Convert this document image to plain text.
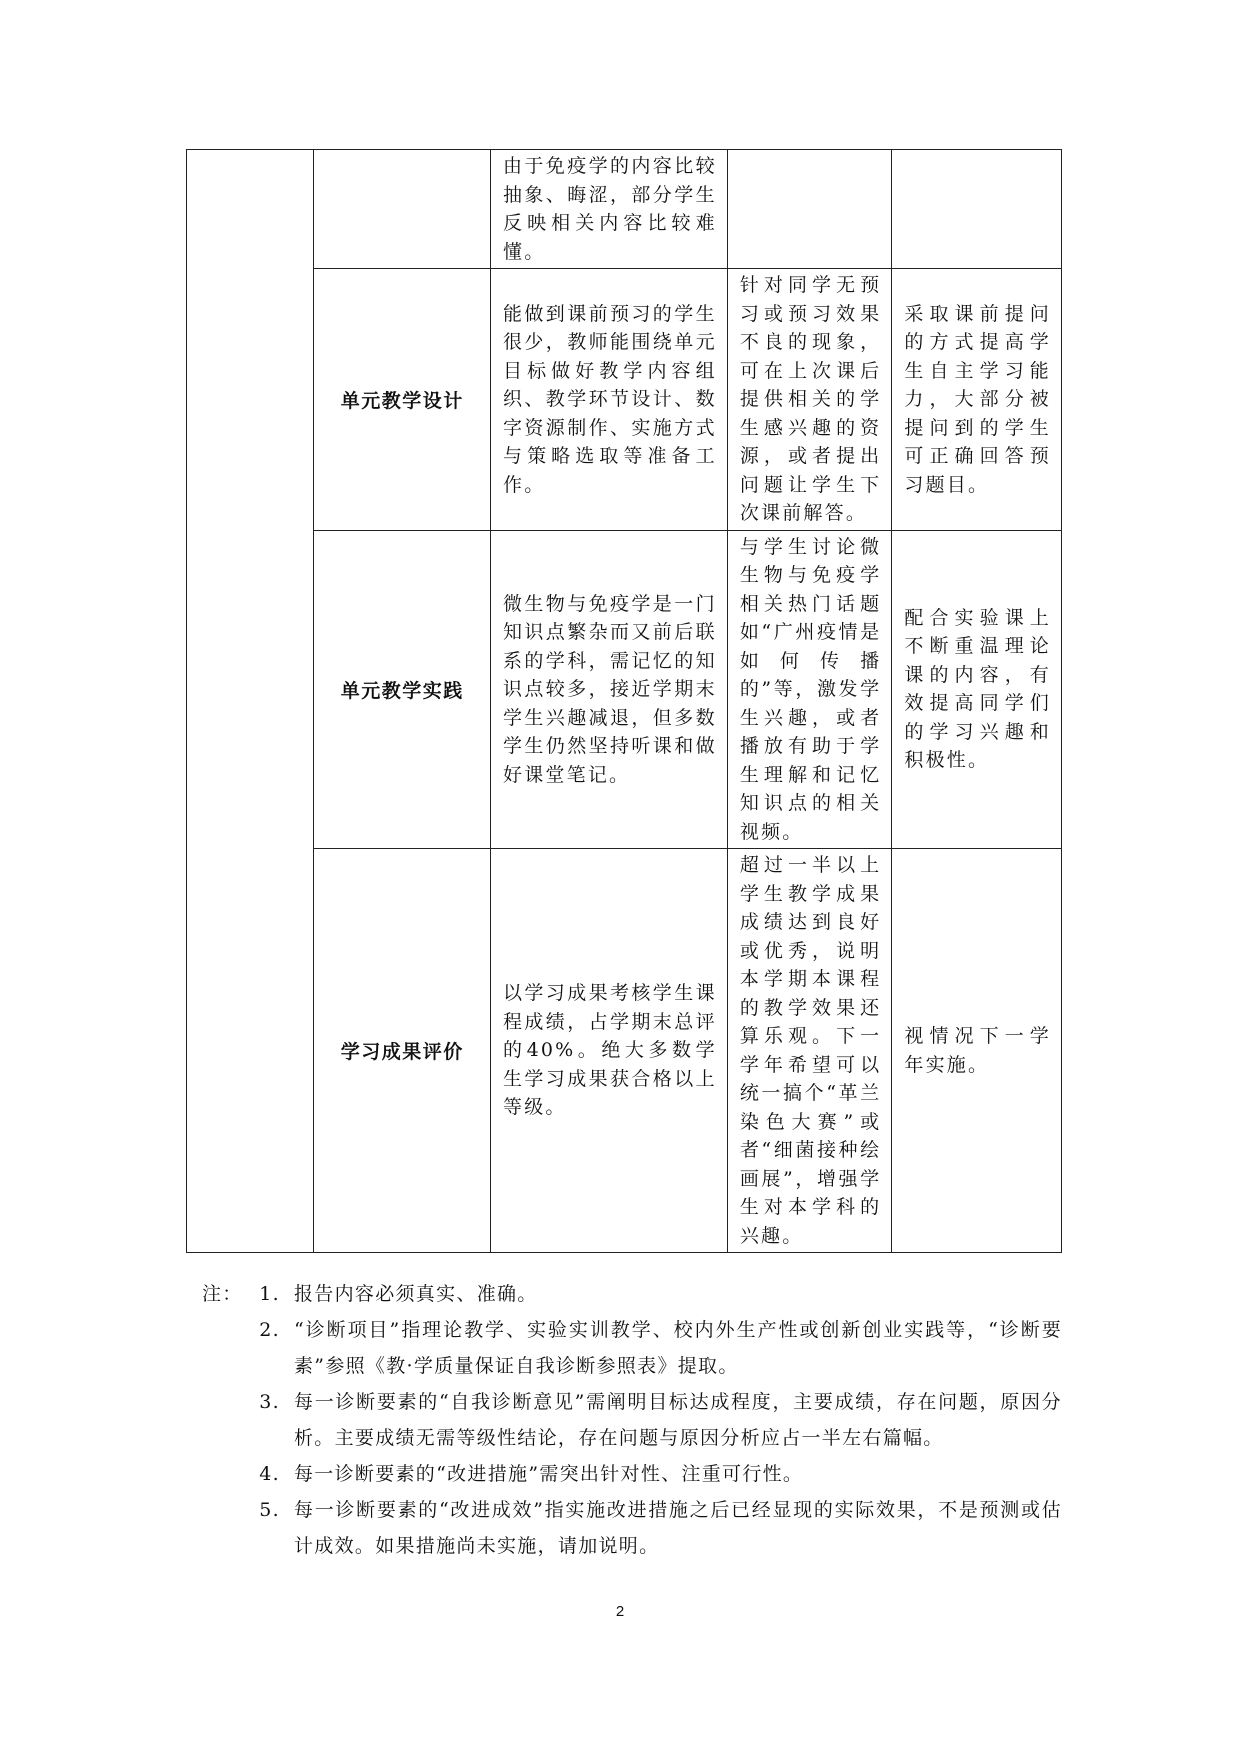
		由于免疫学的内容比较抽象、晦涩，部分学生反映相关内容比较难懂。		

	单元教学设计	能做到课前预习的学生很少，教师能围绕单元目标做好教学内容组织、教学环节设计、数字资源制作、实施方式与策略选取等准备工作。	针对同学无预习或预习效果不良的现象，可在上次课后提供相关的学生感兴趣的资源，或者提出问题让学生下次课前解答。	采取课前提问的方式提高学生自主学习能力，大部分被提问到的学生可正确回答预习题目。

	单元教学实践	微生物与免疫学是一门知识点繁杂而又前后联系的学科，需记忆的知识点较多，接近学期末学生兴趣减退，但多数学生仍然坚持听课和做好课堂笔记。	与学生讨论微生物与免疫学相关热门话题如“广州疫情是如何传播的”等，激发学生兴趣，或者播放有助于学生理解和记忆知识点的相关视频。	配合实验课上不断重温理论课的内容，有效提高同学们的学习兴趣和积极性。

	学习成果评价	以学习成果考核学生课程成绩，占学期末总评的40%。绝大多数学生学习成果获合格以上等级。	超过一半以上学生教学成果成绩达到良好或优秀，说明本学期本课程的教学效果还算乐观。下一学年希望可以统一搞个“革兰染色大赛”或者“细菌接种绘画展”，增强学生对本学科的兴趣。	视情况下一学年实施。
注： 1. 报告内容必须真实、准确。
2. “诊断项目”指理论教学、实验实训教学、校内外生产性或创新创业实践等，“诊断要素”参照《教·学质量保证自我诊断参照表》提取。
3. 每一诊断要素的“自我诊断意见”需阐明目标达成程度，主要成绩，存在问题，原因分析。主要成绩无需等级性结论，存在问题与原因分析应占一半左右篇幅。
4. 每一诊断要素的“改进措施”需突出针对性、注重可行性。
5. 每一诊断要素的“改进成效”指实施改进措施之后已经显现的实际效果，不是预测或估计成效。如果措施尚未实施，请加说明。
2
